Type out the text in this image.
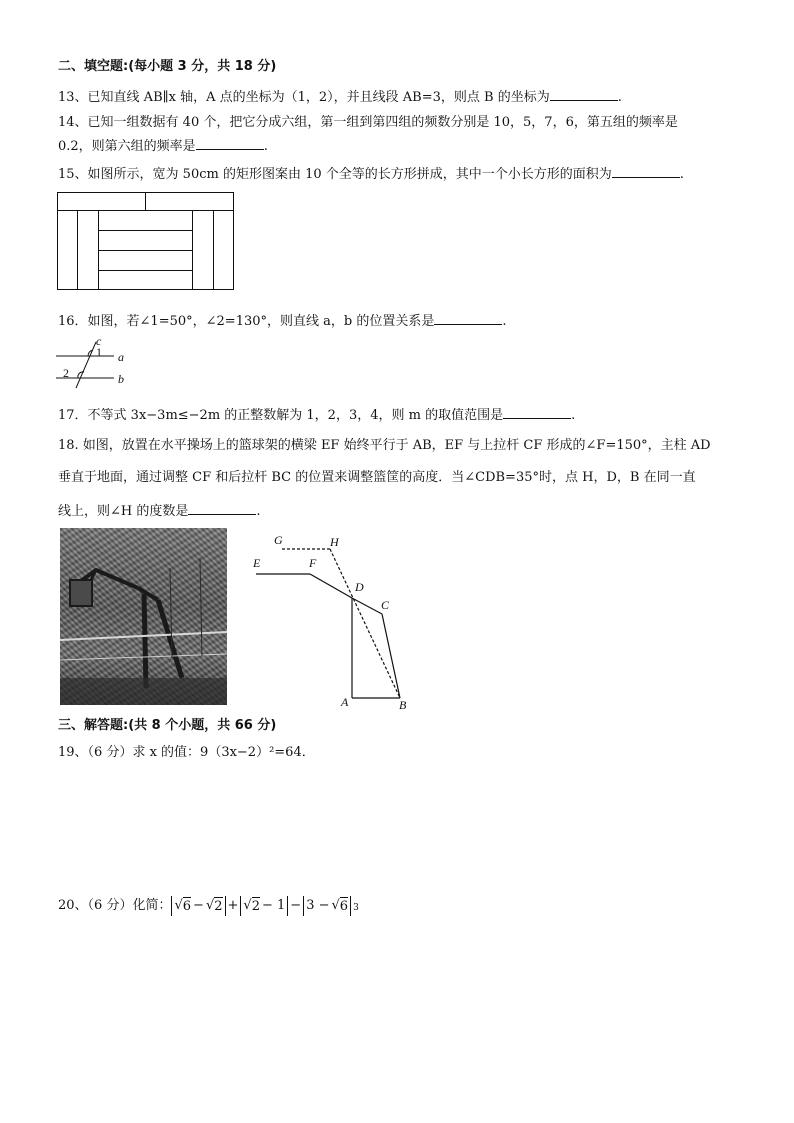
二、填空题:(每小题 3 分，共 18 分)
13、已知直线 AB∥x 轴，A 点的坐标为（1，2），并且线段 AB=3，则点 B 的坐标为	.
14、已知一组数据有 40 个，把它分成六组，第一组到第四组的频数分别是 10，5，7，6，第五组的频率是
0.2，则第六组的频率是	.
15、如图所示，宽为 50cm 的矩形图案由 10 个全等的长方形拼成，其中一个小长方形的面积为	.
16．如图，若∠1=50°，∠2=130°，则直线 a，b 的位置关系是	.
c
1 a
2	b
17．不等式 3x−3m≤−2m 的正整数解为 1，2，3，4，则 m 的取值范围是	.
18. 如图，放置在水平操场上的篮球架的横梁 EF 始终平行于 AB，EF 与上拉杆 CF 形成的∠F=150°，主柱 AD
垂直于地面，通过调整 CF 和后拉杆 BC 的位置来调整篮筐的高度．当∠CDB=35°时，点 H，D，B 在同一直
线上，则∠H 的度数是	.
G	H
E	F
D
C
A	B
三、解答题:(共 8 个小题，共 66 分)
19、（6 分）求 x 的值：9（3x−2）²=64．
20、（6 分）化简： √ 6 − √ 2 + √ 2 − 1 − 3 − √ 6 3
